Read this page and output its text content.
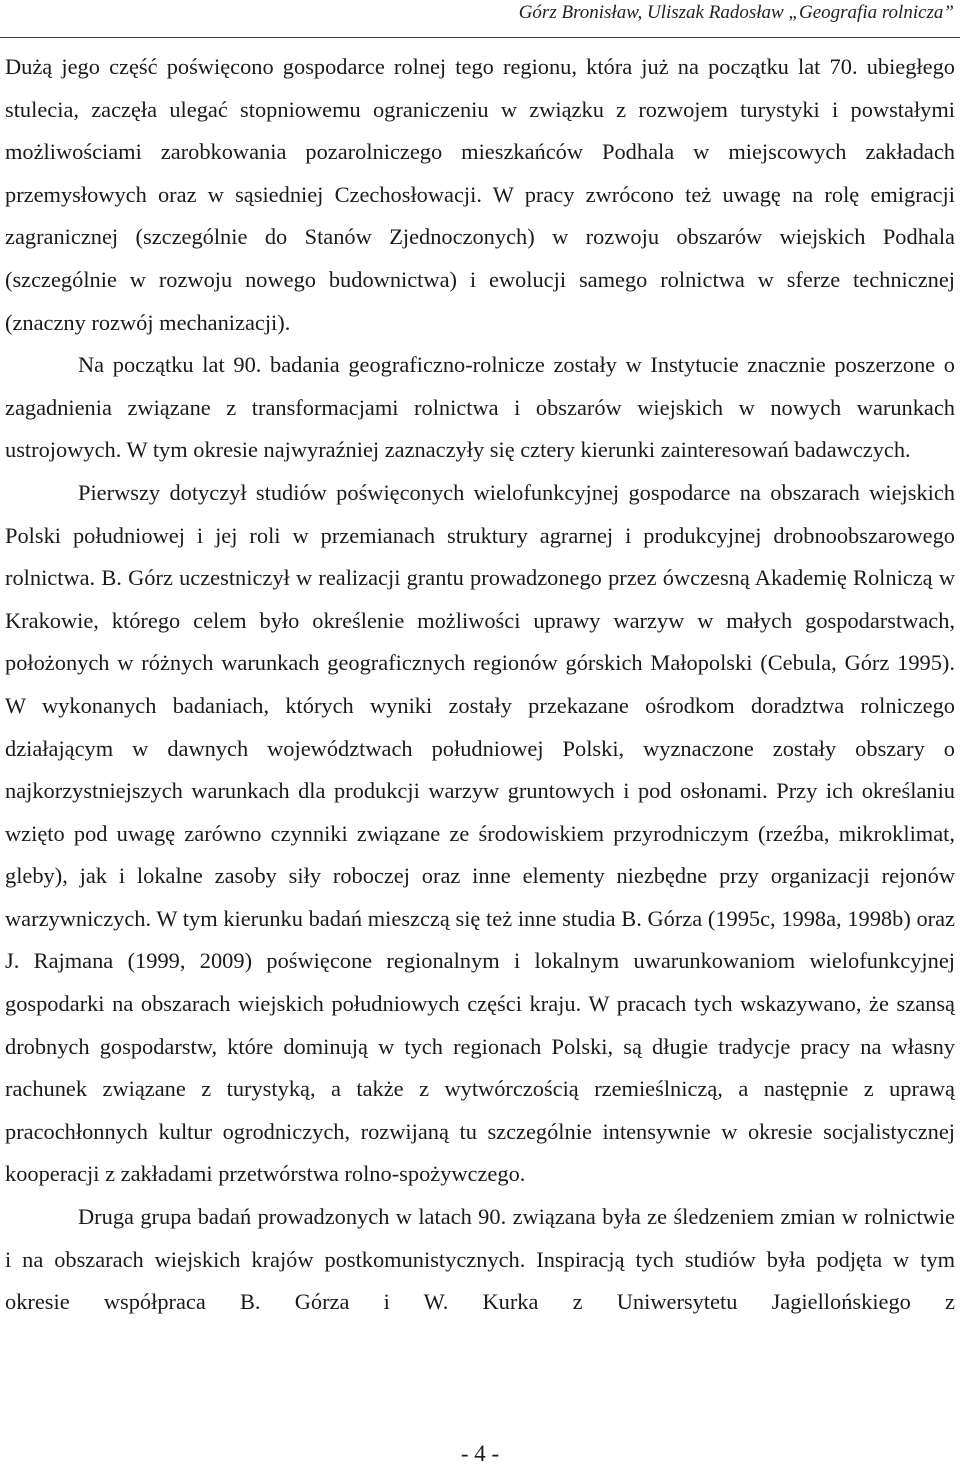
Górz Bronisław, Uliszak Radosław „Geografia rolnicza”

Dużą jego część poświęcono gospodarce rolnej tego regionu, która już na początku lat 70. ubiegłego stulecia, zaczęła ulegać stopniowemu ograniczeniu w związku z rozwojem turystyki i powstałymi możliwościami zarobkowania pozarolniczego mieszkańców Podhala w miejscowych zakładach przemysłowych oraz w sąsiedniej Czechosłowacji. W pracy zwrócono też uwagę na rolę emigracji zagranicznej (szczególnie do Stanów Zjednoczonych) w rozwoju obszarów wiejskich Podhala (szczególnie w rozwoju nowego budownictwa) i ewolucji samego rolnictwa w sferze technicznej (znaczny rozwój mechanizacji).

Na początku lat 90. badania geograficzno-rolnicze zostały w Instytucie znacznie poszerzone o zagadnienia związane z transformacjami rolnictwa i obszarów wiejskich w nowych warunkach ustrojowych. W tym okresie najwyraźniej zaznaczyły się cztery kierunki zainteresowań badawczych.

Pierwszy dotyczył studiów poświęconych wielofunkcyjnej gospodarce na obszarach wiejskich Polski południowej i jej roli w przemianach struktury agrarnej i produkcyjnej drobnoobszarowego rolnictwa. B. Górz uczestniczył w realizacji grantu prowadzonego przez ówczesną Akademię Rolniczą w Krakowie, którego celem było określenie możliwości uprawy warzyw w małych gospodarstwach, położonych w różnych warunkach geograficznych regionów górskich Małopolski (Cebula, Górz 1995). W wykonanych badaniach, których wyniki zostały przekazane ośrodkom doradztwa rolniczego działającym w dawnych województwach południowej Polski, wyznaczone zostały obszary o najkorzystniejszych warunkach dla produkcji warzyw gruntowych i pod osłonami. Przy ich określaniu wzięto pod uwagę zarówno czynniki związane ze środowiskiem przyrodniczym (rzeźba, mikroklimat, gleby), jak i lokalne zasoby siły roboczej oraz inne elementy niezbędne przy organizacji rejonów warzywniczych. W tym kierunku badań mieszczą się też inne studia B. Górza (1995c, 1998a, 1998b) oraz J. Rajmana (1999, 2009) poświęcone regionalnym i lokalnym uwarunkowaniom wielofunkcyjnej gospodarki na obszarach wiejskich południowych części kraju. W pracach tych wskazywano, że szansą drobnych gospodarstw, które dominują w tych regionach Polski, są długie tradycje pracy na własny rachunek związane z turystyką, a także z wytwórczością rzemieślniczą, a następnie z uprawą pracochłonnych kultur ogrodniczych, rozwijaną tu szczególnie intensywnie w okresie socjalistycznej kooperacji z zakładami przetwórstwa rolno-spożywczego.

Druga grupa badań prowadzonych w latach 90. związana była ze śledzeniem zmian w rolnictwie i na obszarach wiejskich krajów postkomunistycznych. Inspiracją tych studiów była podjęta w tym okresie współpraca B. Górza i W. Kurka z Uniwersytetu Jagiellońskiego z

- 4 -
